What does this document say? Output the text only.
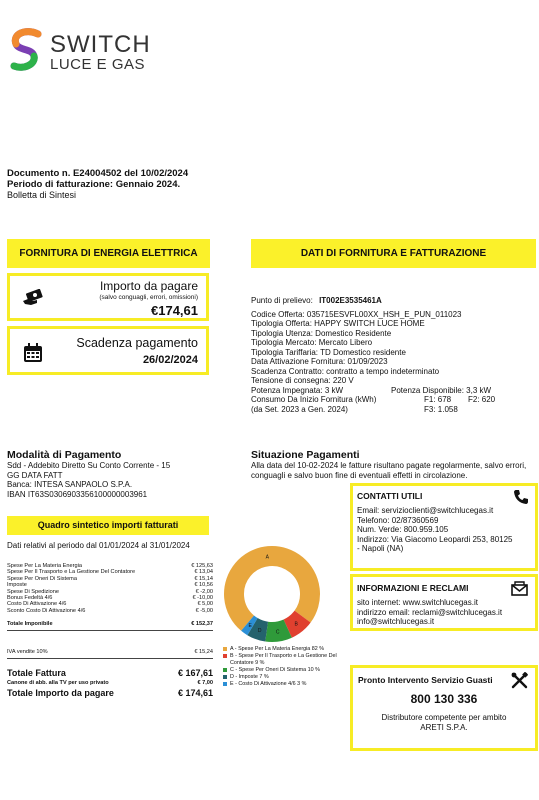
SWITCH
LUCE E GAS
Documento n. E24004502 del 10/02/2024
Periodo di fatturazione: Gennaio 2024.
Bolletta di Sintesi
FORNITURA DI ENERGIA ELETTRICA
Importo da pagare
(salvo conguagli, errori, omissioni)
€174,61
Scadenza pagamento
26/02/2024
DATI DI FORNITURA E FATTURAZIONE
Punto di prelievo: IT002E3535461A
Codice Offerta: 035715ESVFL00XX_HSH_E_PUN_011023
Tipologia Offerta: HAPPY SWITCH LUCE HOME
Tipologia Utenza: Domestico Residente
Tipologia Mercato: Mercato Libero
Tipologia Tariffaria: TD Domestico residente
Data Attivazione Fornitura: 01/09/2023
Scadenza Contratto: contratto a tempo indeterminato
Tensione di consegna: 220 V
Potenza Impegnata: 3 kW	Potenza Disponibile: 3,3 kW
Consumo Da Inizio Fornitura (kWh)	F1: 678 F2: 620
(da Set. 2023 a Gen. 2024)	F3: 1.058
Modalità di Pagamento
Sdd - Addebito Diretto Su Conto Corrente - 15
GG DATA FATT
Banca: INTESA SANPAOLO S.P.A.
IBAN IT63S0306903356100000003961
Situazione Pagamenti
Alla data del 10-02-2024 le fatture risultano pagate regolarmente, salvo errori, conguagli e salvo buon fine di eventuali effetti in circolazione.
CONTATTI UTILI
Email: servizioclienti@switchlucegas.it
Telefono: 02/87360569
Num. Verde: 800.959.105
Indirizzo: Via Giacomo Leopardi 253, 80125
- Napoli (NA)
INFORMAZIONI E RECLAMI
sito internet: www.switchlucegas.it
indirizzo email: reclami@switchlucegas.it
info@switchlucegas.it
Pronto Intervento Servizio Guasti
800 130 336
Distributore competente per ambito
ARETI S.P.A.
Quadro sintetico importi fatturati
Dati relativi al periodo dal 01/01/2024 al 31/01/2024
Spese Per La Materia Energia	€ 125,63
Spese Per Il Trasporto e La Gestione Del Contatore	€ 13,04
Spese Per Oneri Di Sistema	€ 15,14
Imposte	€ 10,56
Spese Di Spedizione	€ -2,00
Bonus Fedeltà 4/6	€ -10,00
Costo Di Attivazione 4/6	€ 5,00
Sconto Costo Di Attivazione 4/6	€ -5,00
Totale Imponibile	€ 152,37
IVA vendite 10%	€ 15,24
Totale Fattura	€ 167,61
Canone di abb. alla TV per uso privato	€ 7,00
Totale Importo da pagare	€ 174,61
A
B
C
D
E
A - Spese Per La Materia Energia 82 %
B - Spese Per Il Trasporto e La Gestione Del Contatore 9 %
C - Spese Per Oneri Di Sistema 10 %
D - Imposte 7 %
E - Costo Di Attivazione 4/6 3 %
